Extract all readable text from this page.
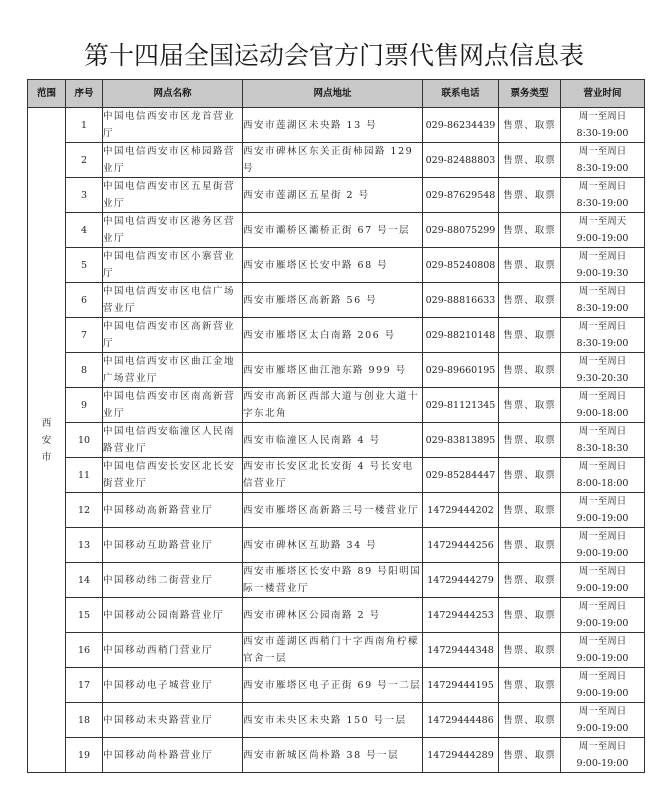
第十四届全国运动会官方门票代售网点信息表
范围	序号	网点名称	网点地址	联系电话	票务类型	营业时间

西
安
市
	1	中国电信西安市区龙首营业厅	西安市莲湖区未央路 13 号	029-86234439	售票、取票	
周一至周日
8:30-19:00

	2	中国电信西安市区柿园路营业厅	西安市碑林区东关正街柿园路 129 号	029-82488803	售票、取票	周一至周日
8:30-19:00

	3	中国电信西安市区五星街营业厅	西安市莲湖区五星街 2 号	029-87629548	售票、取票	周一至周日
8:30-19:00

	4	中国电信西安市区港务区营业厅	西安市灞桥区灞桥正街 67 号一层	029-88075299	售票、取票	周一至周天
9:00-19:00

	5	中国电信西安市区小寨营业厅	西安市雁塔区长安中路 68 号	029-85240808	售票、取票	周一至周日
9:00-19:30

	6	中国电信西安市区电信广场营业厅	西安市雁塔区高新路 56 号	029-88816633	售票、取票	周一至周日
8:30-19:00

	7	中国电信西安市区高新营业厅	西安市雁塔区太白南路 206 号	029-88210148	售票、取票	周一至周日
8:30-19:00

	8	中国电信西安市区曲江金地广场营业厅	西安市雁塔区曲江池东路 999 号	029-89660195	售票、取票	周一至周日
9:30-20:30

	9	中国电信西安市区南高新营业厅	西安市高新区西部大道与创业大道十字东北角	029-81121345	售票、取票	周一至周日
9:00-18:00

	10	中国电信西安临潼区人民南路营业厅	西安市临潼区人民南路 4 号	029-83813895	售票、取票	周一至周日
8:30-18:30

	11	中国电信西安长安区北长安街营业厅	西安市长安区北长安街 4 号长安电信营业厅	029-85284447	售票、取票	周一至周日
8:00-18:00

	12	中国移动高新路营业厅	西安市雁塔区高新路三号一楼营业厅	14729444202	售票、取票	周一至周日
9:00-19:00

	13	中国移动互助路营业厅	西安市碑林区互助路 34 号	14729444256	售票、取票	周一至周日
9:00-19:00

	14	中国移动纬二街营业厅	西安市雁塔区长安中路 89 号阳明国际一楼营业厅	14729444279	售票、取票	周一至周日
9:00-19:00

	15	中国移动公园南路营业厅	西安市碑林区公园南路 2 号	14729444253	售票、取票	周一至周日
9:00-19:00

	16	中国移动西稍门营业厅	西安市莲湖区西稍门十字西南角柠檬官舍一层	14729444348	售票、取票	周一至周日
9:00-19:00

	17	中国移动电子城营业厅	西安市雁塔区电子正街 69 号一二层	14729444195	售票、取票	周一至周日
9:00-19:00

	18	中国移动未央路营业厅	西安市未央区未央路 150 号一层	14729444486	售票、取票	周一至周日
9:00-19:00

	19	中国移动尚朴路营业厅	西安市新城区尚朴路 38 号一层	14729444289	售票、取票	周一至周日
9:00-19:00
